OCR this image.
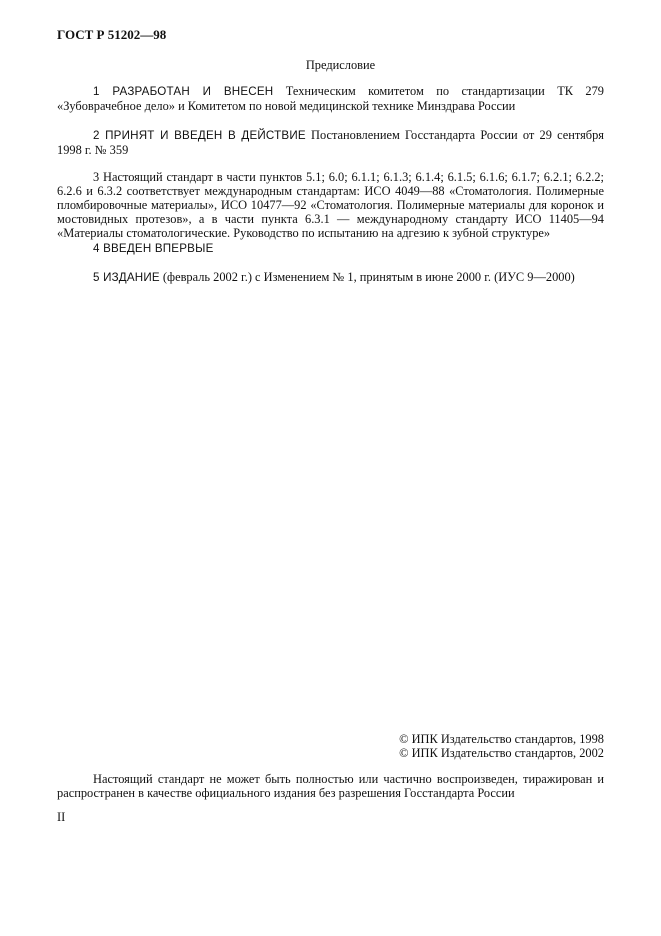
ГОСТ Р 51202—98
Предисловие

1 РАЗРАБОТАН И ВНЕСЕН Техническим комитетом по стандартизации ТК 279 «Зубоврачебное дело» и Комитетом по новой медицинской технике Минздрава России

2 ПРИНЯТ И ВВЕДЕН В ДЕЙСТВИЕ Постановлением Госстандарта России от 29 сентября 1998 г. № 359

3 Настоящий стандарт в части пунктов 5.1; 6.0; 6.1.1; 6.1.3; 6.1.4; 6.1.5; 6.1.6; 6.1.7; 6.2.1; 6.2.2; 6.2.6 и 6.3.2 соответствует международным стандартам: ИСО 4049—88 «Стоматология. Полимерные пломбировочные материалы», ИСО 10477—92 «Стоматология. Полимерные материалы для коронок и мостовидных протезов», а в части пункта 6.3.1 — международному стандарту ИСО 11405—94 «Материалы стоматологические. Руководство по испытанию на адгезию к зубной структуре»

4 ВВЕДЕН ВПЕРВЫЕ

5 ИЗДАНИЕ (февраль 2002 г.) с Изменением № 1, принятым в июне 2000 г. (ИУС 9—2000)

© ИПК Издательство стандартов, 1998
© ИПК Издательство стандартов, 2002

Настоящий стандарт не может быть полностью или частично воспроизведен, тиражирован и распространен в качестве официального издания без разрешения Госстандарта России

II
